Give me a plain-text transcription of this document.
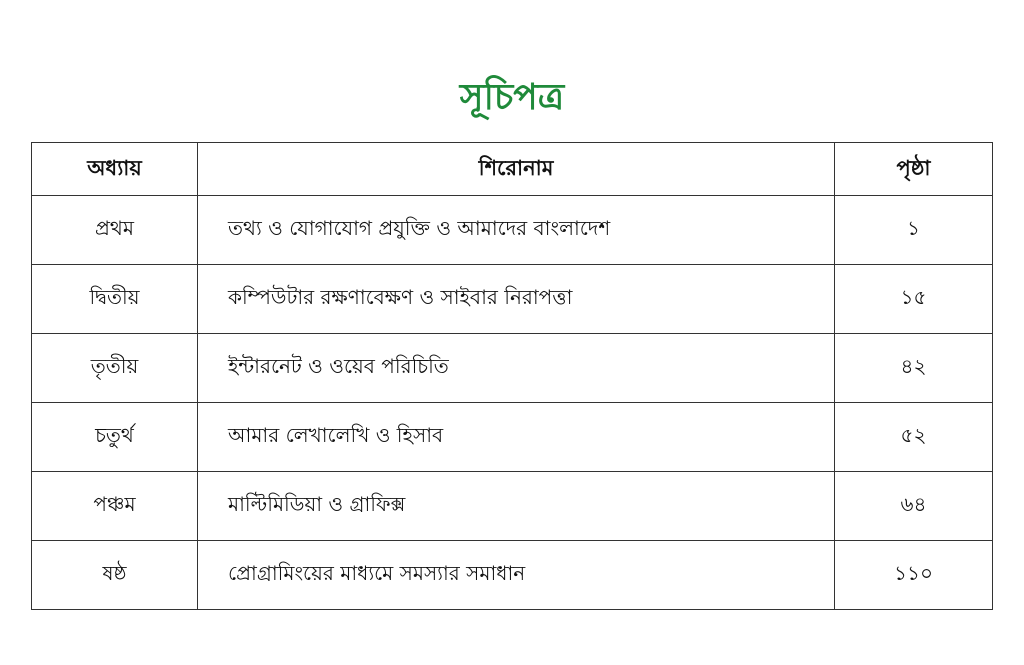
সূচিপত্র
অধ্যায়	শিরোনাম	পৃষ্ঠা
প্রথম	তথ্য ও যোগাযোগ প্রযুক্তি ও আমাদের বাংলাদেশ	১
দ্বিতীয়	কম্পিউটার রক্ষণাবেক্ষণ ও সাইবার নিরাপত্তা	১৫
তৃতীয়	ইন্টারনেট ও ওয়েব পরিচিতি	৪২
চতুর্থ	আমার লেখালেখি ও হিসাব	৫২
পঞ্চম	মাল্টিমিডিয়া ও গ্রাফিক্স	৬৪
ষষ্ঠ	প্রোগ্রামিংয়ের মাধ্যমে সমস্যার সমাধান	১১০
